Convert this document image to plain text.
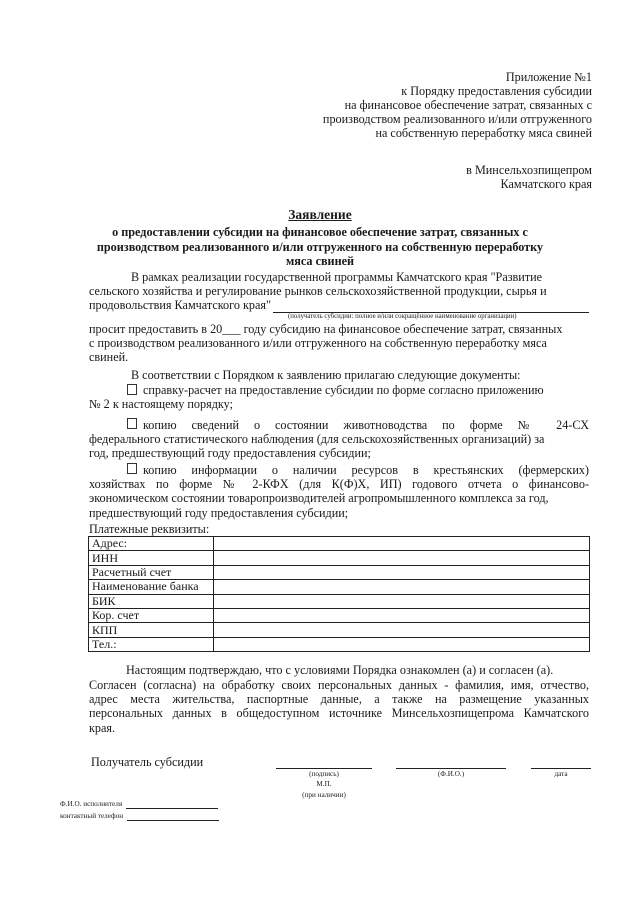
Приложение №1
к Порядку предоставления субсидии
на финансовое обеспечение затрат, связанных с
производством реализованного и/или отгруженного
на собственную переработку мяса свиней
в Минсельхозпищепром
Камчатского края
Заявление
о предоставлении субсидии на финансовое обеспечение затрат, связанных с
производством реализованного и/или отгруженного на собственную переработку
мяса свиней
В рамках реализации государственной программы Камчатского края "Развитие
сельского хозяйства и регулирование рынков сельскохозяйственной продукции, сырья и
продовольствия Камчатского края"
(получатель субсидии: полное и/или сокращённое наименование организации)
просит предоставить в 20___ году субсидию на финансовое обеспечение затрат, связанных
с производством реализованного и/или отгруженного на собственную переработку мяса
свиней.
В соответствии с Порядком к заявлению прилагаю следующие документы:
справку-расчет на предоставление субсидии по форме согласно приложению
№ 2 к настоящему порядку;
копию сведений о состоянии животноводства по форме № 24-СХ
федерального статистического наблюдения (для сельскохозяйственных организаций) за
год, предшествующий году предоставления субсидии;
копию информации о наличии ресурсов в крестьянских (фермерских)
хозяйствах по форме № 2-КФХ (для К(Ф)Х, ИП) годового отчета о финансово-
экономическом состоянии товаропроизводителей агропромышленного комплекса за год,
предшествующий году предоставления субсидии;
Платежные реквизиты:
Адрес:	
ИНН	
Расчетный счет	
Наименование банка	
БИК	
Кор. счет	
КПП	
Тел.:	
Настоящим подтверждаю, что с условиями Порядка ознакомлен (а) и согласен (а).
Согласен (согласна) на обработку своих персональных данных - фамилия, имя, отчество,
адрес места жительства, паспортные данные, а также на размещение указанных
персональных данных в общедоступном источнике Минсельхозпищепрома Камчатского
края.
Получатель субсидии
(подпись)	(Ф.И.О.)	дата
М.П.
(при наличии)
Ф.И.О. исполнителя
контактный телефон
